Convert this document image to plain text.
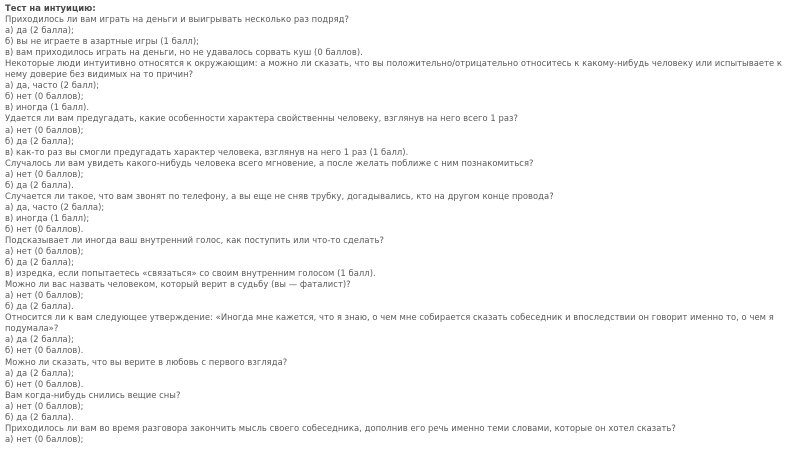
Тест на интуицию:
Приходилось ли вам играть на деньги и выигрывать несколько раз подряд?
а) да (2 балла);
б) вы не играете в азартные игры (1 балл);
в) вам приходилось играть на деньги, но не удавалось сорвать куш (0 баллов).
Некоторые люди интуитивно относятся к окружающим: а можно ли сказать, что вы положительно/отрицательно относитесь к какому-нибудь человеку или испытываете к нему доверие без видимых на то причин?
а) да, часто (2 балл);
б) нет (0 баллов);
в) иногда (1 балл).
Удается ли вам предугадать, какие особенности характера свойственны человеку, взглянув на него всего 1 раз?
а) нет (0 баллов);
б) да (2 балла);
в) как-то раз вы смогли предугадать характер человека, взглянув на него 1 раз (1 балл).
Случалось ли вам увидеть какого-нибудь человека всего мгновение, а после желать поближе с ним познакомиться?
а) нет (0 баллов);
б) да (2 балла).
Случается ли такое, что вам звонят по телефону, а вы еще не сняв трубку, догадывались, кто на другом конце провода?
а) да, часто (2 балла);
в) иногда (1 балл);
б) нет (0 баллов).
Подсказывает ли иногда ваш внутренний голос, как поступить или что-то сделать?
а) нет (0 баллов);
б) да (2 балла);
в) изредка, если попытаетесь «связаться» со своим внутренним голосом (1 балл).
Можно ли вас назвать человеком, который верит в судьбу (вы — фаталист)?
а) нет (0 баллов);
б) да (2 балла).
Относится ли к вам следующее утверждение: «Иногда мне кажется, что я знаю, о чем мне собирается сказать собеседник и впоследствии он говорит именно то, о чем я подумала»?
а) да (2 балла);
б) нет (0 баллов).
Можно ли сказать, что вы верите в любовь с первого взгляда?
а) да (2 балла);
б) нет (0 баллов).
Вам когда-нибудь снились вещие сны?
а) нет (0 баллов);
б) да (2 балла).
Приходилось ли вам во время разговора закончить мысль своего собеседника, дополнив его речь именно теми словами, которые он хотел сказать?
а) нет (0 баллов);
